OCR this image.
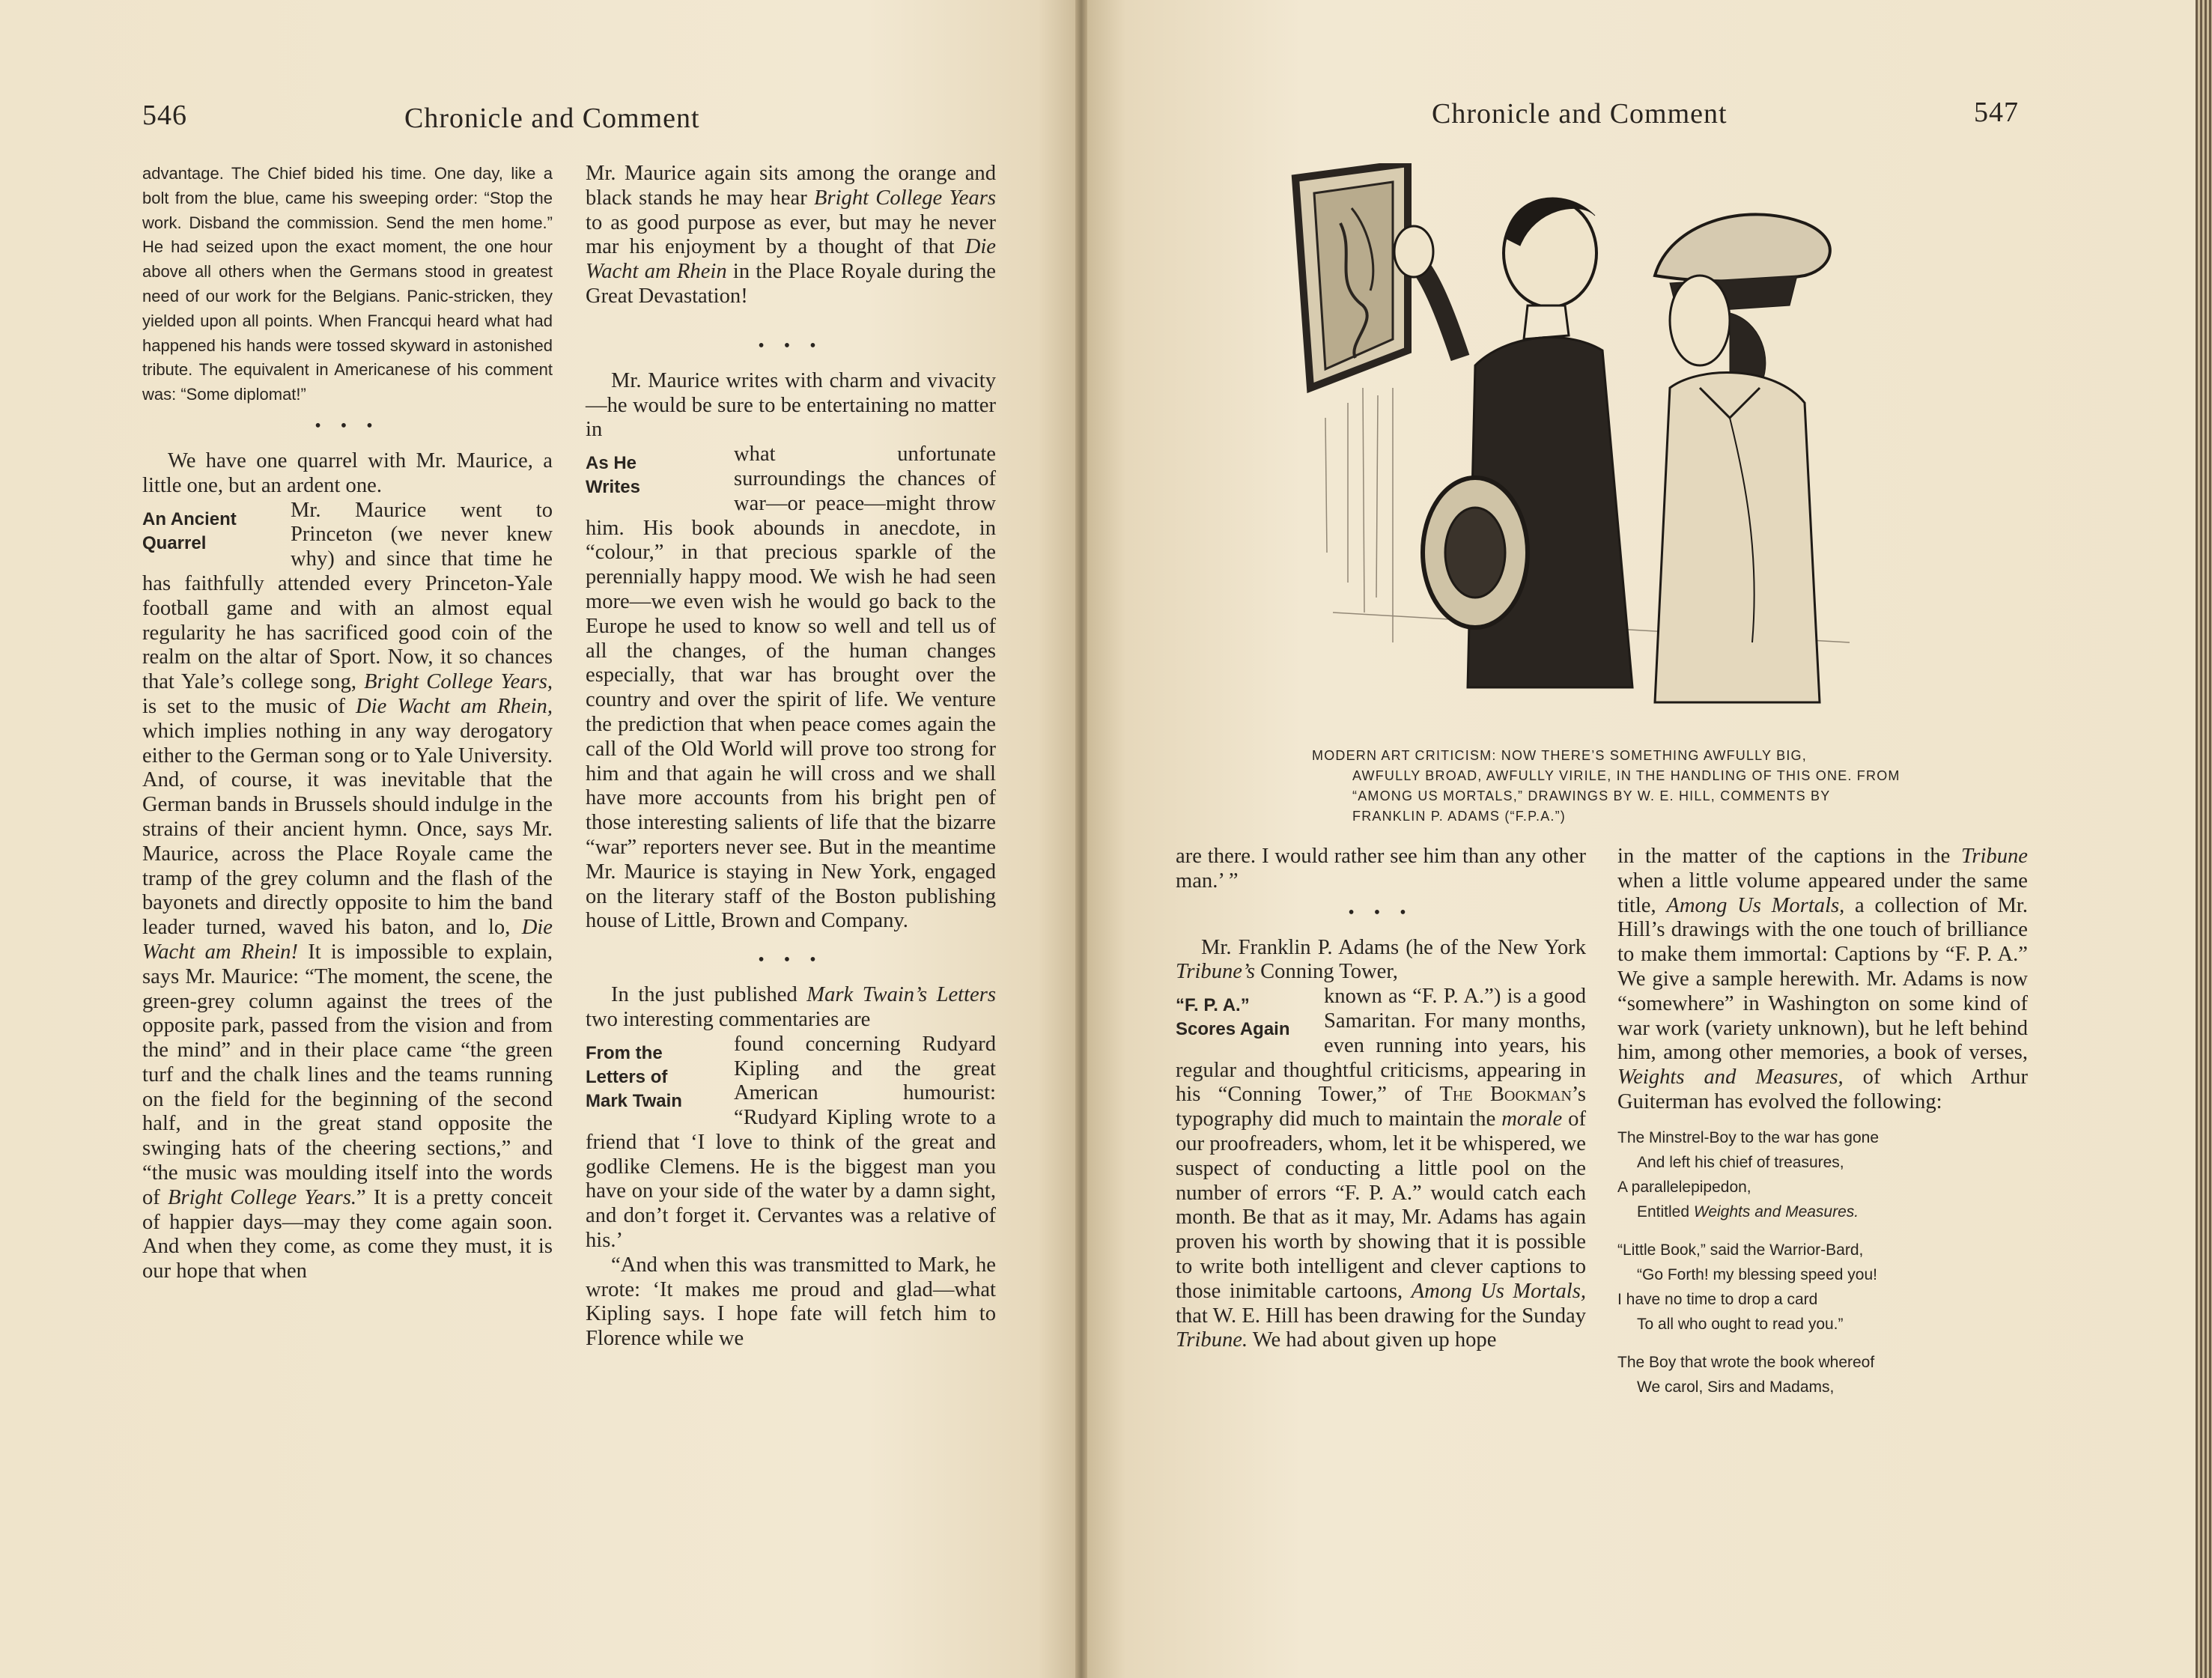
546	Chronicle and Comment

advantage. The Chief bided his time. One day, like a bolt from the blue, came his sweeping order: “Stop the work. Disband the commission. Send the men home.” He had seized upon the exact moment, the one hour above all others when the Germans stood in greatest need of our work for the Belgians. Panic-stricken, they yielded upon all points. When Francqui heard what had happened his hands were tossed skyward in astonished tribute. The equivalent in Americanese of his comment was: “Some diplomat!”

• • •

We have one quarrel with Mr. Maurice, a little one, but an ardent one.

An Ancient
Quarrel

Mr. Maurice went to Princeton (we never knew why) and since that time he has faithfully attended every Princeton-Yale football game and with an almost equal regularity he has sacrificed good coin of the realm on the altar of Sport. Now, it so chances that Yale’s college song, Bright College Years, is set to the music of Die Wacht am Rhein, which implies nothing in any way derogatory either to the German song or to Yale University. And, of course, it was inevitable that the German bands in Brussels should indulge in the strains of their ancient hymn. Once, says Mr. Maurice, across the Place Royale came the tramp of the grey column and the flash of the bayonets and directly opposite to him the band leader turned, waved his baton, and lo, Die Wacht am Rhein! It is impossible to explain, says Mr. Maurice: “The moment, the scene, the green-grey column against the trees of the opposite park, passed from the vision and from the mind” and in their place came “the green turf and the chalk lines and the teams running on the field for the beginning of the second half, and in the great stand opposite the swinging hats of the cheering sections,” and “the music was moulding itself into the words of Bright College Years.” It is a pretty conceit of happier days—may they come again soon. And when they come, as come they must, it is our hope that when

Mr. Maurice again sits among the orange and black stands he may hear Bright College Years to as good purpose as ever, but may he never mar his enjoyment by a thought of that Die Wacht am Rhein in the Place Royale during the Great Devastation!

• • •

Mr. Maurice writes with charm and vivacity—he would be sure to be entertaining no matter in

As He
Writes

what unfortunate surroundings the chances of war—or peace—might throw him. His book abounds in anecdote, in “colour,” in that precious sparkle of the perennially happy mood. We wish he had seen more—we even wish he would go back to the Europe he used to know so well and tell us of all the changes, of the human changes especially, that war has brought over the country and over the spirit of life. We venture the prediction that when peace comes again the call of the Old World will prove too strong for him and that again he will cross and we shall have more accounts from his bright pen of those interesting salients of life that the bizarre “war” reporters never see. But in the meantime Mr. Maurice is staying in New York, engaged on the literary staff of the Boston publishing house of Little, Brown and Company.

• • •

In the just published Mark Twain’s Letters two interesting commentaries are

From the
Letters of
Mark Twain

found concerning Rudyard Kipling and the great American humourist: “Rudyard Kipling wrote to a friend that ‘I love to think of the great and godlike Clemens. He is the biggest man you have on your side of the water by a damn sight, and don’t forget it. Cervantes was a relative of his.’

“And when this was transmitted to Mark, he wrote: ‘It makes me proud and glad—what Kipling says. I hope fate will fetch him to Florence while we

Chronicle and Comment	547
MODERN ART CRITICISM: NOW THERE’S SOMETHING AWFULLY BIG,
AWFULLY BROAD, AWFULLY VIRILE, IN THE HANDLING OF THIS ONE. FROM “AMONG US MORTALS,” DRAWINGS BY W. E. HILL, COMMENTS BY FRANKLIN P. ADAMS (“F.P.A.”)

are there. I would rather see him than any other man.’ ”

• • •

Mr. Franklin P. Adams (he of the New York Tribune’s Conning Tower,

“F. P. A.”
Scores Again

known as “F. P. A.”) is a good Samaritan. For many months, even running into years, his regular and thoughtful criticisms, appearing in his “Conning Tower,” of The Bookman’s typography did much to maintain the morale of our proofreaders, whom, let it be whispered, we suspect of conducting a little pool on the number of errors “F. P. A.” would catch each month. Be that as it may, Mr. Adams has again proven his worth by showing that it is possible to write both intelligent and clever captions to those inimitable cartoons, Among Us Mortals, that W. E. Hill has been drawing for the Sunday Tribune. We had about given up hope

in the matter of the captions in the Tribune when a little volume appeared under the same title, Among Us Mortals, a collection of Mr. Hill’s drawings with the one touch of brilliance to make them immortal: Captions by “F. P. A.” We give a sample herewith. Mr. Adams is now “somewhere” in Washington on some kind of war work (variety unknown), but he left behind him, among other memories, a book of verses, Weights and Measures, of which Arthur Guiterman has evolved the following:

The Minstrel-Boy to the war has gone
And left his chief of treasures,
A parallelepipedon,
Entitled Weights and Measures.
“Little Book,” said the Warrior-Bard,
“Go Forth! my blessing speed you!
I have no time to drop a card
To all who ought to read you.”
The Boy that wrote the book whereof
We carol, Sirs and Madams,
